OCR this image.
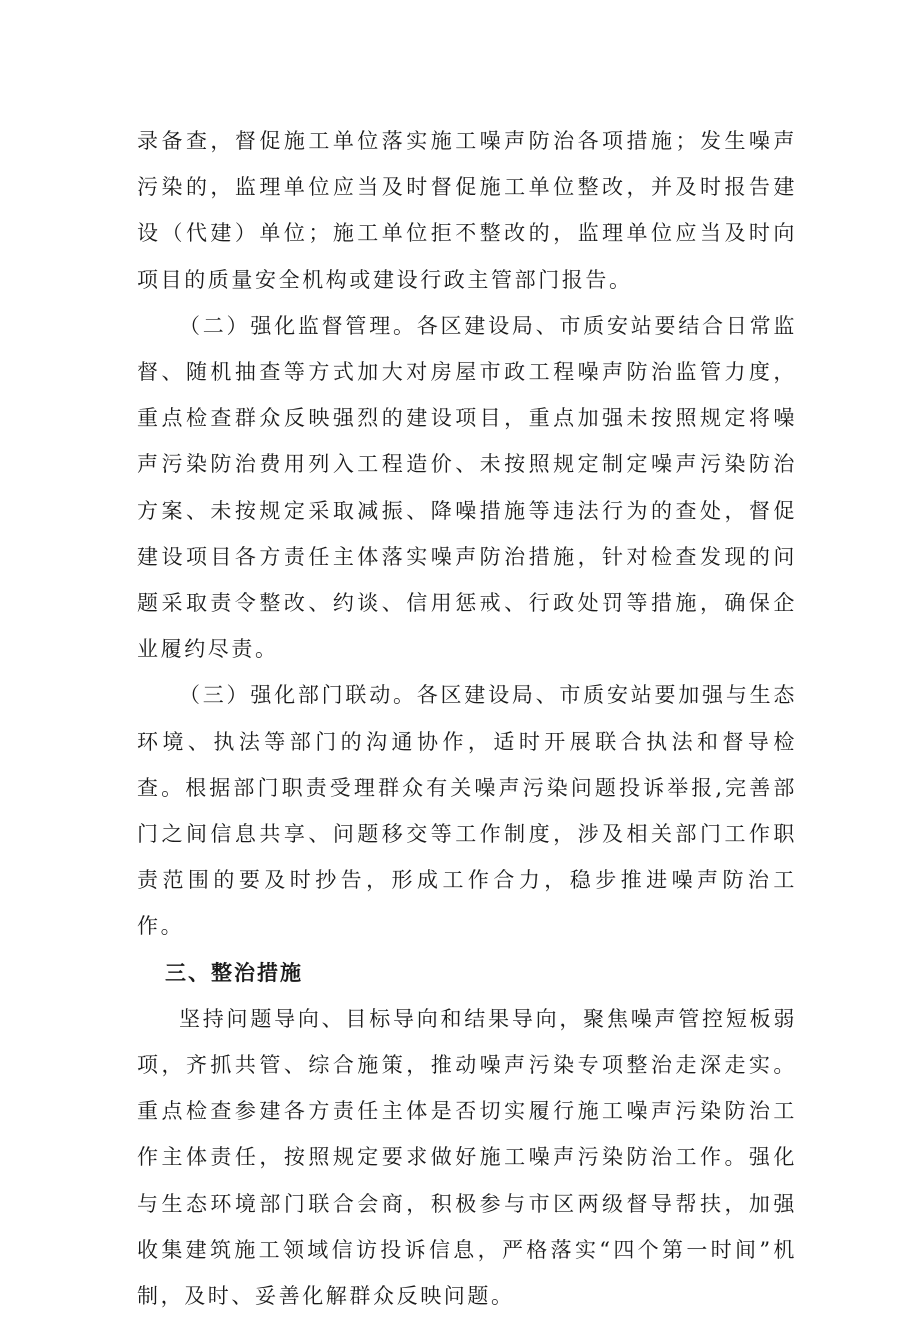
录备查，督促施工单位落实施工噪声防治各项措施；发生噪声污染的，监理单位应当及时督促施工单位整改，并及时报告建设（代建）单位；施工单位拒不整改的，监理单位应当及时向项目的质量安全机构或建设行政主管部门报告。

（二）强化监督管理。各区建设局、市质安站要结合日常监督、随机抽查等方式加大对房屋市政工程噪声防治监管力度，重点检查群众反映强烈的建设项目，重点加强未按照规定将噪声污染防治费用列入工程造价、未按照规定制定噪声污染防治方案、未按规定采取减振、降噪措施等违法行为的查处，督促建设项目各方责任主体落实噪声防治措施，针对检查发现的问题采取责令整改、约谈、信用惩戒、行政处罚等措施，确保企业履约尽责。

（三）强化部门联动。各区建设局、市质安站要加强与生态环境、执法等部门的沟通协作，适时开展联合执法和督导检查。根据部门职责受理群众有关噪声污染问题投诉举报,完善部门之间信息共享、问题移交等工作制度，涉及相关部门工作职责范围的要及时抄告，形成工作合力，稳步推进噪声防治工作。

三、整治措施

坚持问题导向、目标导向和结果导向，聚焦噪声管控短板弱项，齐抓共管、综合施策，推动噪声污染专项整治走深走实。重点检查参建各方责任主体是否切实履行施工噪声污染防治工作主体责任，按照规定要求做好施工噪声污染防治工作。强化与生态环境部门联合会商，积极参与市区两级督导帮扶，加强收集建筑施工领域信访投诉信息，严格落实“四个第一时间”机制，及时、妥善化解群众反映问题。
